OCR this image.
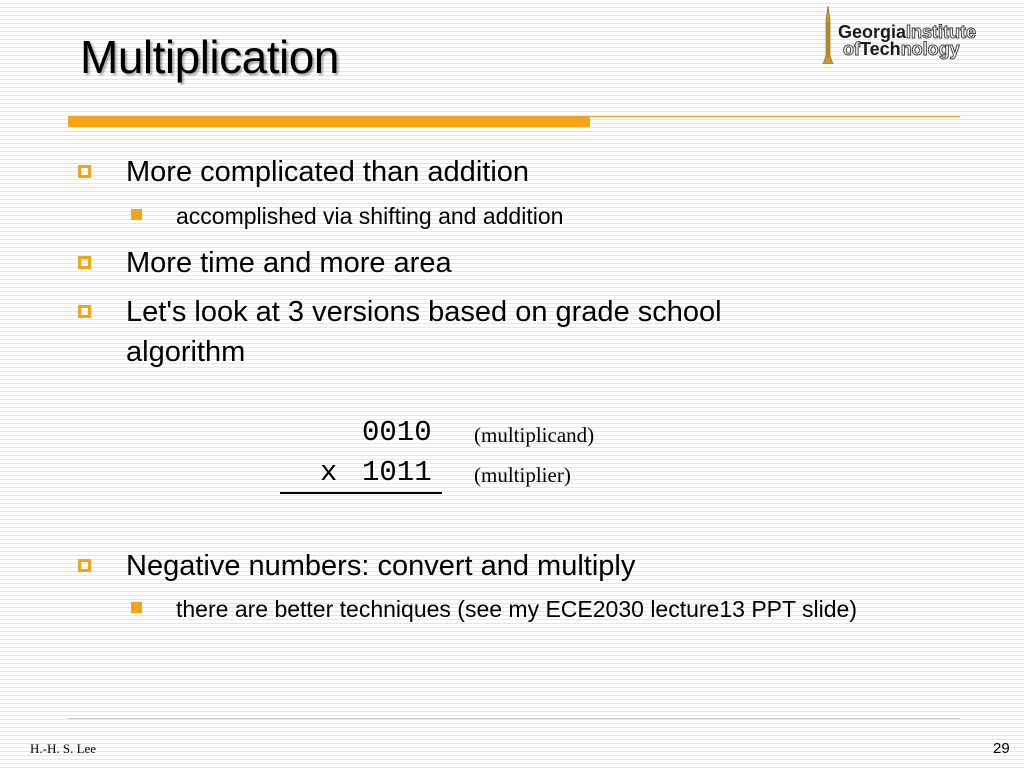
Multiplication	GeorgiaInstitute
ofTechnology
More complicated than addition
accomplished via shifting and addition
More time and more area
Let's look at 3 versions based on grade school algorithm
0010 (multiplicand)
x 1011 (multiplier)
Negative numbers: convert and multiply
there are better techniques (see my ECE2030 lecture13 PPT slide)
H.-H. S. Lee	29
